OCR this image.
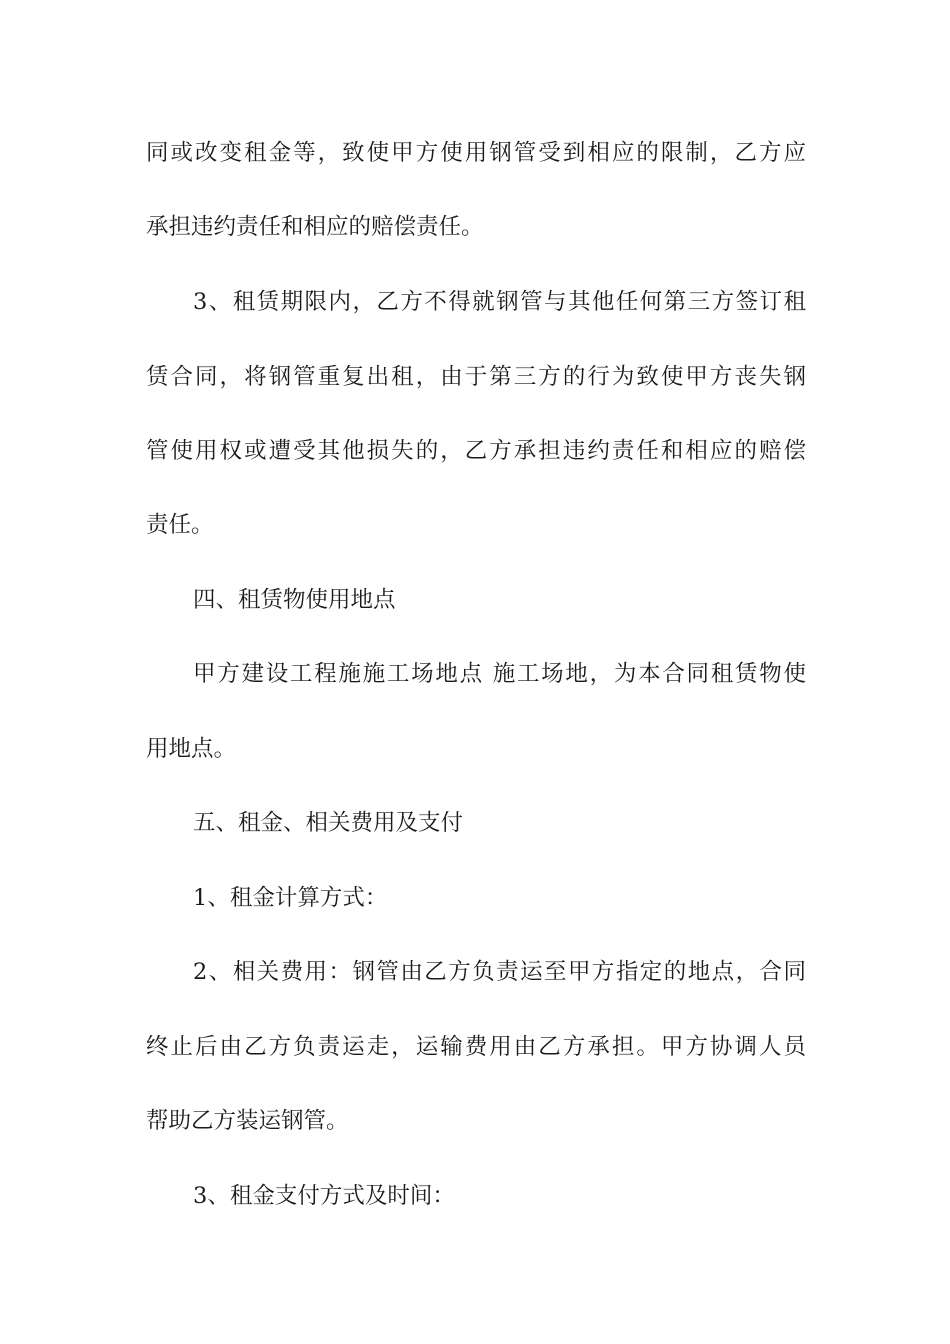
同或改变租金等，致使甲方使用钢管受到相应的限制，乙方应
承担违约责任和相应的赔偿责任。
3、租赁期限内，乙方不得就钢管与其他任何第三方签订租
赁合同，将钢管重复出租，由于第三方的行为致使甲方丧失钢
管使用权或遭受其他损失的，乙方承担违约责任和相应的赔偿
责任。
四、租赁物使用地点
甲方建设工程施施工场地点 施工场地，为本合同租赁物使
用地点。
五、租金、相关费用及支付
1、租金计算方式：
2、相关费用：钢管由乙方负责运至甲方指定的地点，合同
终止后由乙方负责运走，运输费用由乙方承担。甲方协调人员
帮助乙方装运钢管。
3、租金支付方式及时间：
